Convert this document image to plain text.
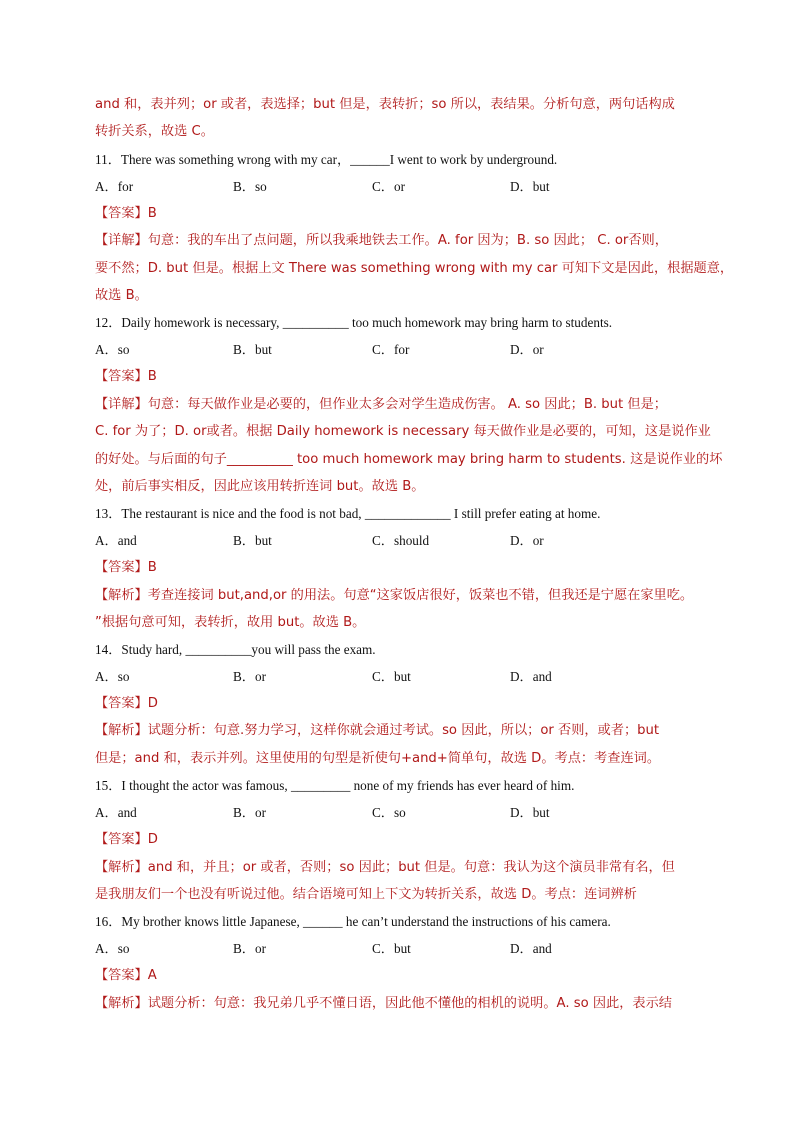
and 和，表并列；or 或者，表选择；but 但是，表转折；so 所以，表结果。分析句意，两句话构成
转折关系，故选 C。
11．There was something wrong with my car，______I went to work by underground.
A．for	B．so	C．or	D．but
【答案】B
【详解】句意：我的车出了点问题，所以我乘地铁去工作。A. for 因为；B. so 因此； C. or否则，
要不然；D. but 但是。根据上文 There was something wrong with my car 可知下文是因此，根据题意，
故选 B。
12．Daily homework is necessary, __________ too much homework may bring harm to students.
A．so	B．but	C．for	D．or
【答案】B
【详解】句意：每天做作业是必要的，但作业太多会对学生造成伤害。 A. so 因此；B. but 但是；
C. for 为了；D. or或者。根据 Daily homework is necessary 每天做作业是必要的，可知，这是说作业
的好处。与后面的句子__________ too much homework may bring harm to students. 这是说作业的坏
处，前后事实相反，因此应该用转折连词 but。故选 B。
13．The restaurant is nice and the food is not bad, _____________ I still prefer eating at home.
A．and	B．but	C．should	D．or
【答案】B
【解析】考查连接词 but,and,or 的用法。句意“这家饭店很好，饭菜也不错，但我还是宁愿在家里吃。
”根据句意可知，表转折，故用 but。故选 B。
14．Study hard, __________you will pass the exam.
A．so	B．or	C．but	D．and
【答案】D
【解析】试题分析：句意.努力学习，这样你就会通过考试。so 因此，所以；or 否则，或者；but
但是；and 和，表示并列。这里使用的句型是祈使句+and+简单句，故选 D。考点：考查连词。
15．I thought the actor was famous, _________ none of my friends has ever heard of him.
A．and	B．or	C．so	D．but
【答案】D
【解析】and 和，并且；or 或者，否则；so 因此；but 但是。句意：我认为这个演员非常有名，但
是我朋友们一个也没有听说过他。结合语境可知上下文为转折关系，故选 D。考点：连词辨析
16．My brother knows little Japanese, ______ he can’t understand the instructions of his camera.
A．so	B．or	C．but	D．and
【答案】A
【解析】试题分析：句意：我兄弟几乎不懂日语，因此他不懂他的相机的说明。A. so 因此，表示结
